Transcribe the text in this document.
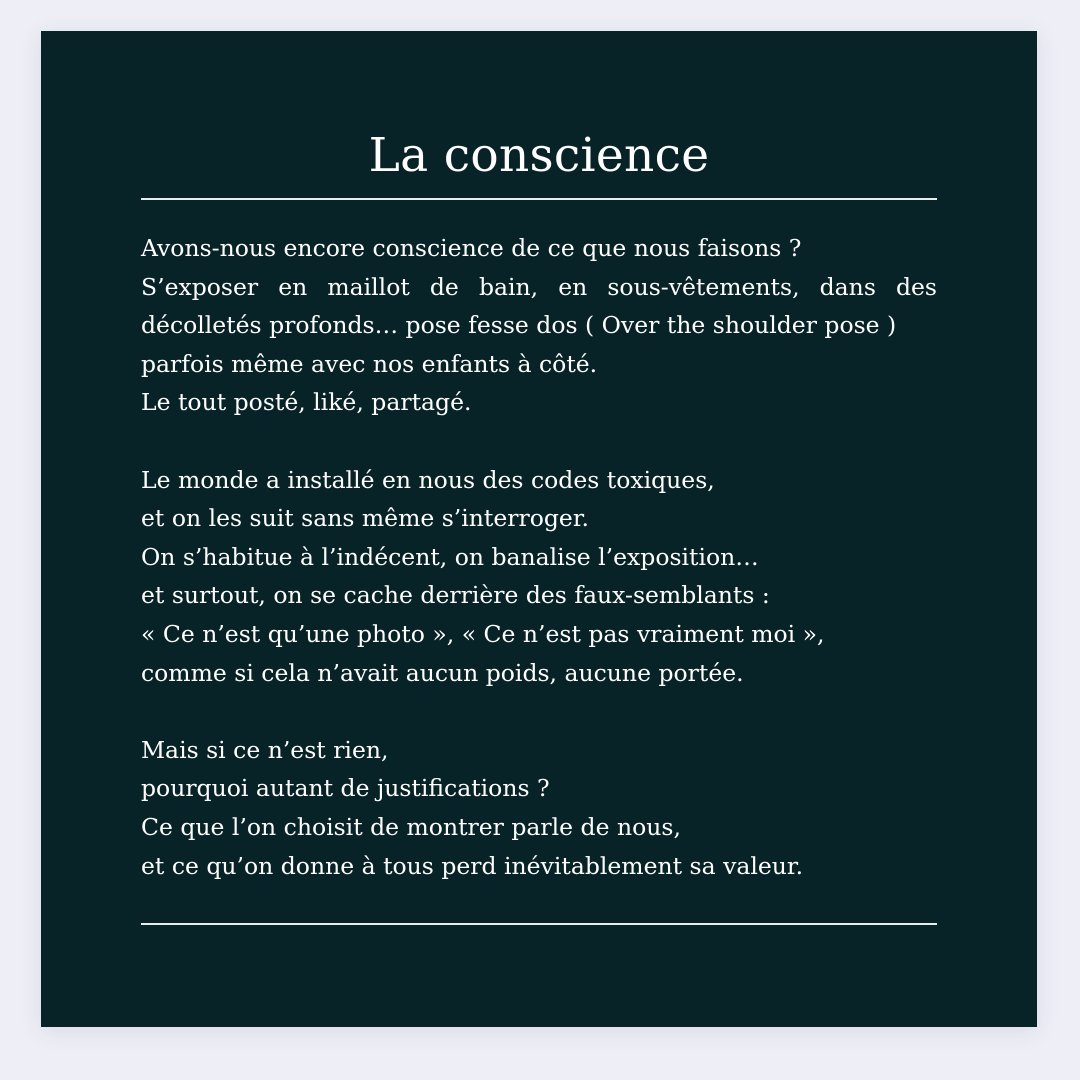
La conscience

Avons-nous encore conscience de ce que nous faisons ?
S’exposer en maillot de bain, en sous-vêtements, dans des
décolletés profonds… pose fesse dos ( Over the shoulder pose )
parfois même avec nos enfants à côté.
Le tout posté, liké, partagé.

Le monde a installé en nous des codes toxiques,
et on les suit sans même s’interroger.
On s’habitue à l’indécent, on banalise l’exposition…
et surtout, on se cache derrière des faux-semblants :
« Ce n’est qu’une photo », « Ce n’est pas vraiment moi »,
comme si cela n’avait aucun poids, aucune portée.

Mais si ce n’est rien,
pourquoi autant de justifications ?
Ce que l’on choisit de montrer parle de nous,
et ce qu’on donne à tous perd inévitablement sa valeur.
